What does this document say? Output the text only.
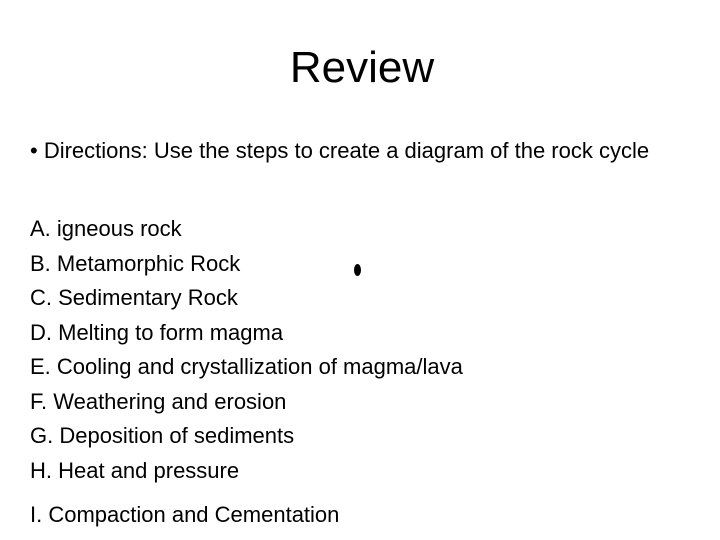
Review
• Directions: Use the steps to create a diagram of the rock cycle
A. igneous rock
B. Metamorphic Rock
C. Sedimentary Rock
D. Melting to form magma
E. Cooling and crystallization of magma/lava
F. Weathering and erosion
G. Deposition of sediments
H. Heat and pressure
I. Compaction and Cementation
